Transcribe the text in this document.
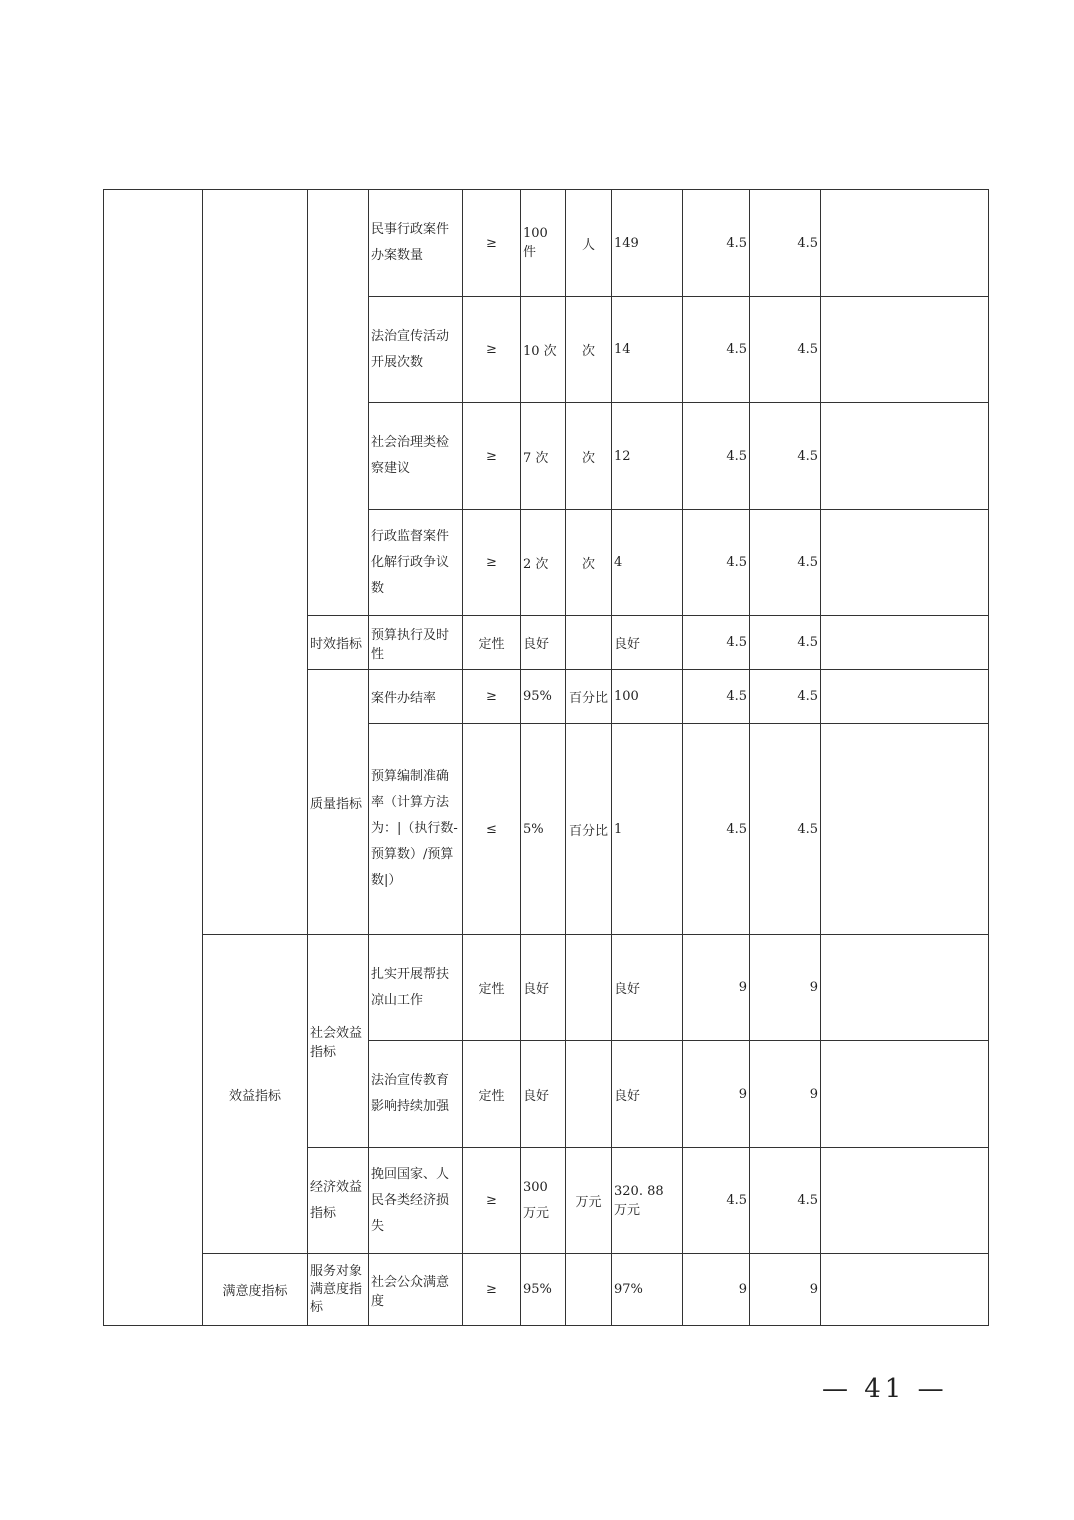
			民事行政案件办案数量	≥	100 件	人	149	4.5	4.5	
			法治宣传活动开展次数	≥	10 次	次	14	4.5	4.5	
			社会治理类检察建议	≥	7 次	次	12	4.5	4.5	
			行政监督案件化解行政争议数	≥	2 次	次	4	4.5	4.5	
		时效指标	预算执行及时性	定性	良好		良好	4.5	4.5	
		质量指标	案件办结率	≥	95%	百分比	100	4.5	4.5	
			预算编制准确率（计算方法为：|（执行数-预算数）/预算数|）	≤	5%	百分比	1	4.5	4.5	
	效益指标	社会效益指标	扎实开展帮扶凉山工作	定性	良好		良好	9	9	
			法治宣传教育影响持续加强	定性	良好		良好	9	9	
		经济效益指标	挽回国家、人民各类经济损失	≥	300 万元	万元	320. 88 万元	4.5	4.5	
	满意度指标	服务对象满意度指标	社会公众满意度	≥	95%		97%	9	9	
— 41 —
